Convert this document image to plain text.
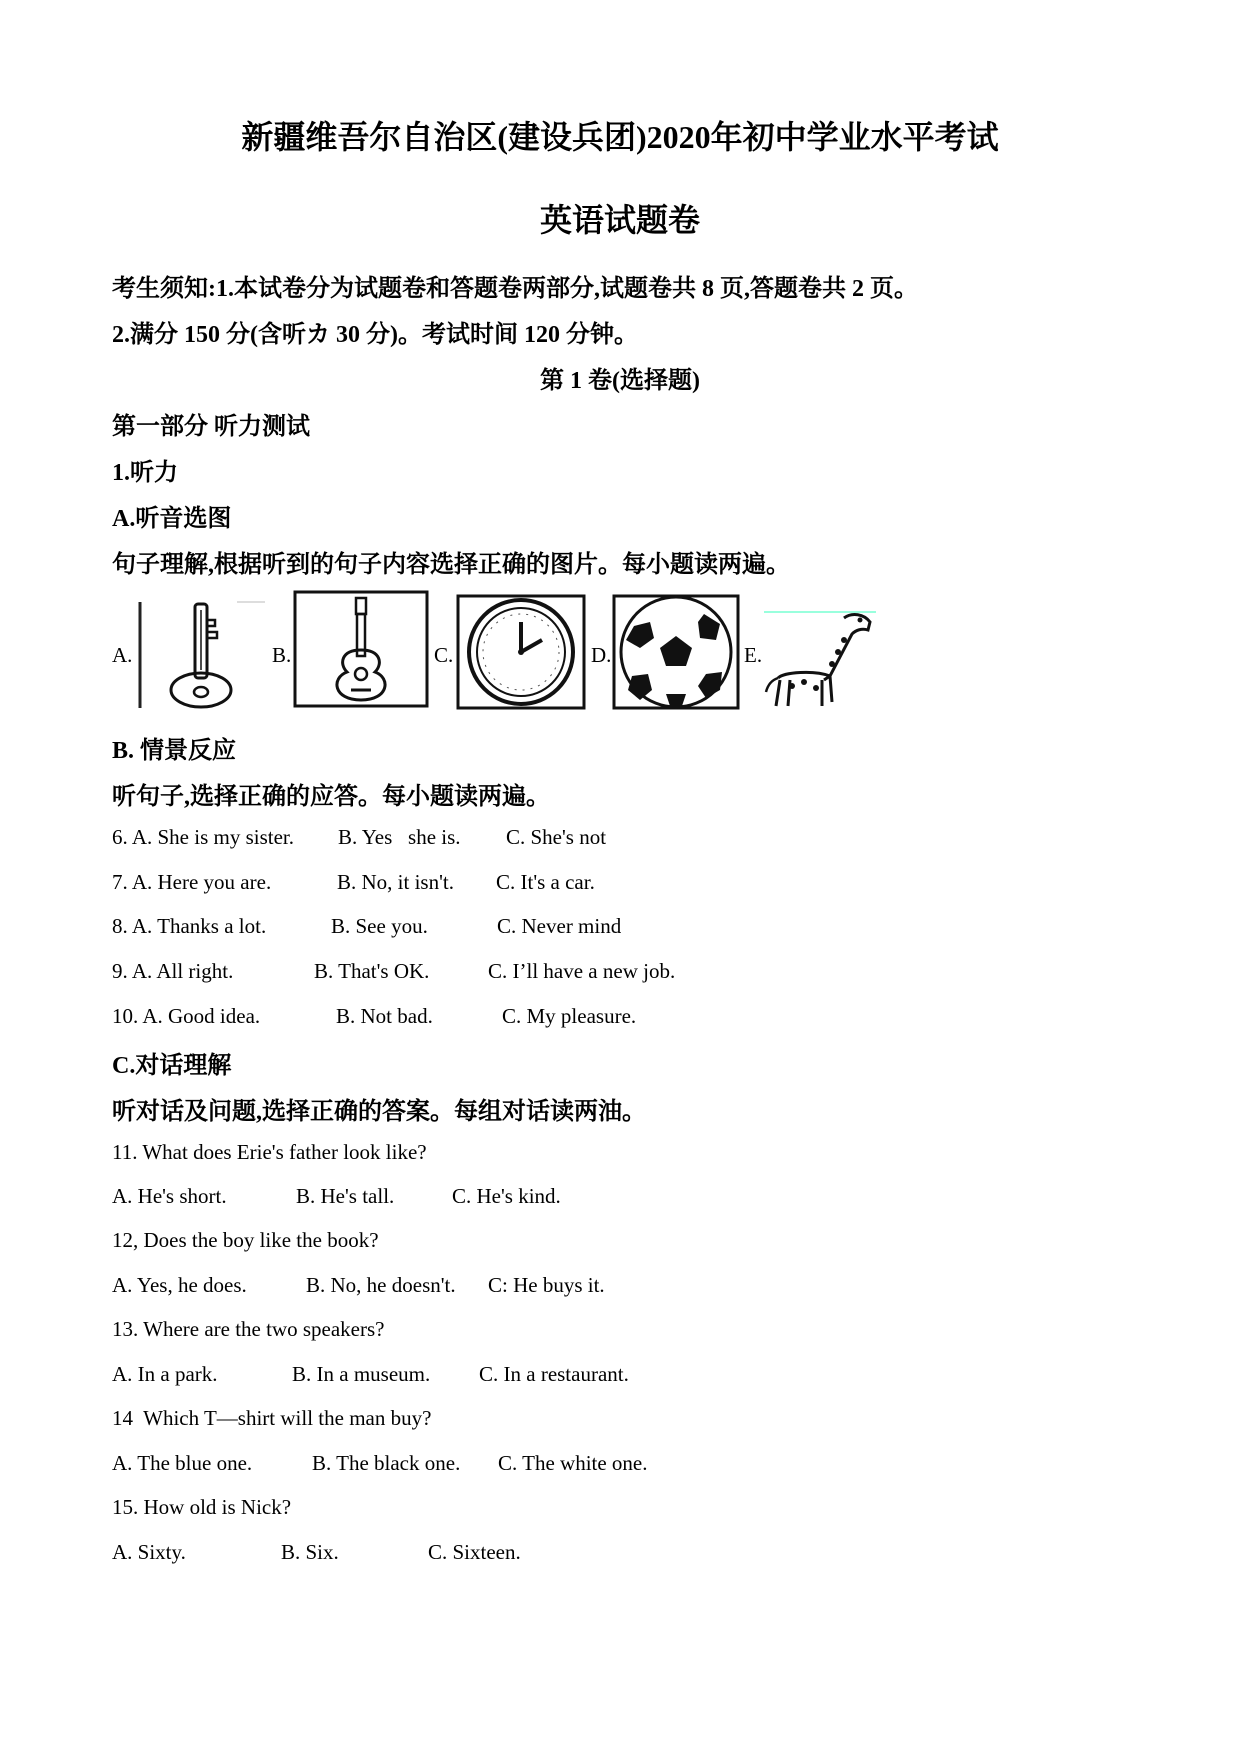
新疆维吾尔自治区(建设兵团)2020年初中学业水平考试
英语试题卷
考生须知:1.本试卷分为试题卷和答题卷两部分,试题卷共 8 页,答题卷共 2 页。
2.满分 150 分(含听カ 30 分)。考试时间 120 分钟。
第 1 卷(选择题)
第一部分 听力测试
1.听力
A.听音选图
句子理解,根据听到的句子内容选择正确的图片。每小题读两遍。
A.	B.	C.	D.	E.
B. 情景反应
听句子,选择正确的应答。每小题读两遍。
6. A. She is my sister. B. Yes   she is. C. She's not
7. A. Here you are.	B. No, it isn't. C. It's a car.
8. A. Thanks a lot.	B. See you.	C. Never mind
9. A. All right.	B. That's OK.	C. I’ll have a new job.
10. A. Good idea.	B. Not bad.	C. My pleasure.
C.对话理解
听对话及问题,选择正确的答案。每组对话读两油。
11. What does Erie's father look like?
A. He's short.	B. He's tall.	C. He's kind.
12, Does the boy like the book?
A. Yes, he does.	B. No, he doesn't. C: He buys it.
13. Where are the two speakers?
A. In a park.	B. In a museum. C. In a restaurant.
14  Which T—shirt will the man buy?
A. The blue one.	B. The black one. C. The white one.
15. How old is Nick?
A. Sixty.	B. Six.	C. Sixteen.
